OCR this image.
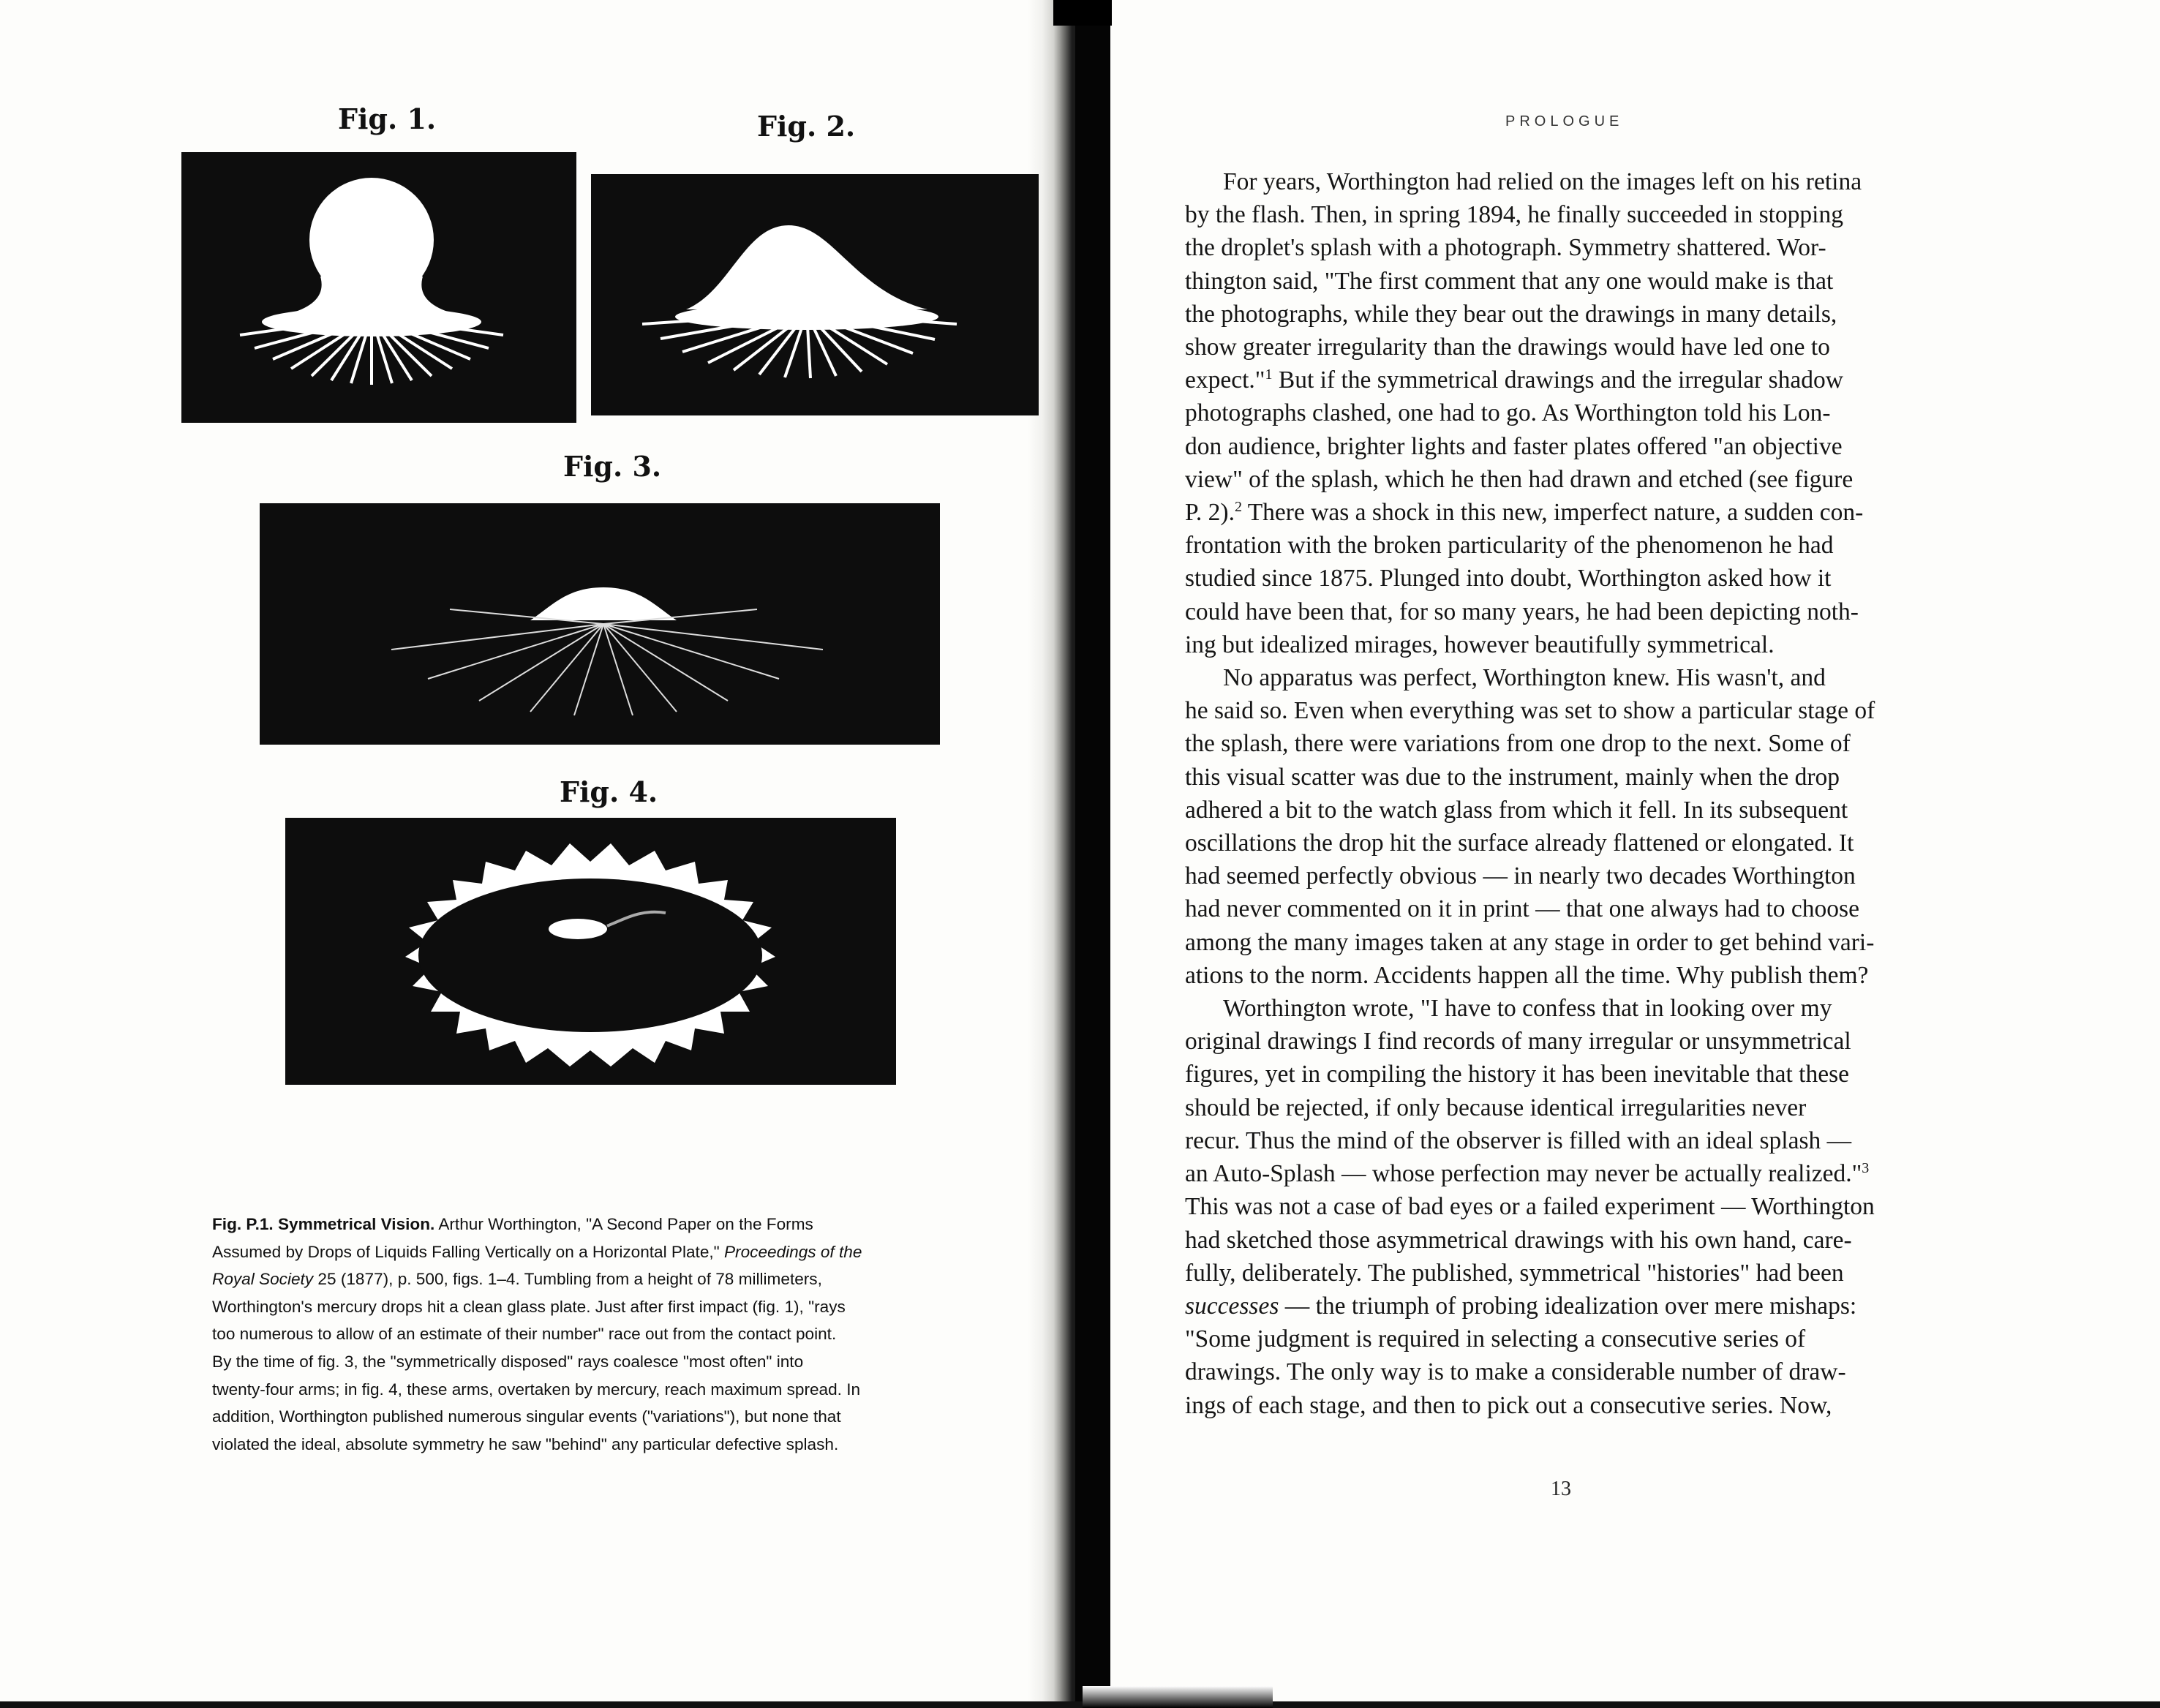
Fig. 1.	Fig. 2.
Fig. 3.
Fig. 4.
Fig. P.1. Symmetrical Vision. Arthur Worthington, "A Second Paper on the Forms
Assumed by Drops of Liquids Falling Vertically on a Horizontal Plate," Proceedings of the
Royal Society 25 (1877), p. 500, figs. 1–4. Tumbling from a height of 78 millimeters,
Worthington's mercury drops hit a clean glass plate. Just after first impact (fig. 1), "rays
too numerous to allow of an estimate of their number" race out from the contact point.
By the time of fig. 3, the "symmetrically disposed" rays coalesce "most often" into
twenty-four arms; in fig. 4, these arms, overtaken by mercury, reach maximum spread. In
addition, Worthington published numerous singular events ("variations"), but none that
violated the ideal, absolute symmetry he saw "behind" any particular defective splash.
PROLOGUE
For years, Worthington had relied on the images left on his retina
by the flash. Then, in spring 1894, he finally succeeded in stopping
the droplet's splash with a photograph. Symmetry shattered. Wor-
thington said, "The first comment that any one would make is that
the photographs, while they bear out the drawings in many details,
show greater irregularity than the drawings would have led one to
expect."$^1$ But if the symmetrical drawings and the irregular shadow
photographs clashed, one had to go. As Worthington told his Lon-
don audience, brighter lights and faster plates offered "an objective
view" of the splash, which he then had drawn and etched (see figure
P. 2).$^2$ There was a shock in this new, imperfect nature, a sudden con-
frontation with the broken particularity of the phenomenon he had
studied since 1875. Plunged into doubt, Worthington asked how it
could have been that, for so many years, he had been depicting noth-
ing but idealized mirages, however beautifully symmetrical.
No apparatus was perfect, Worthington knew. His wasn't, and
he said so. Even when everything was set to show a particular stage of
the splash, there were variations from one drop to the next. Some of
this visual scatter was due to the instrument, mainly when the drop
adhered a bit to the watch glass from which it fell. In its subsequent
oscillations the drop hit the surface already flattened or elongated. It
had seemed perfectly obvious — in nearly two decades Worthington
had never commented on it in print — that one always had to choose
among the many images taken at any stage in order to get behind vari-
ations to the norm. Accidents happen all the time. Why publish them?
Worthington wrote, "I have to confess that in looking over my
original drawings I find records of many irregular or unsymmetrical
figures, yet in compiling the history it has been inevitable that these
should be rejected, if only because identical irregularities never
recur. Thus the mind of the observer is filled with an ideal splash —
an Auto-Splash — whose perfection may never be actually realized."$^3$
This was not a case of bad eyes or a failed experiment — Worthington
had sketched those asymmetrical drawings with his own hand, care-
fully, deliberately. The published, symmetrical "histories" had been
successes — the triumph of probing idealization over mere mishaps:
"Some judgment is required in selecting a consecutive series of
drawings. The only way is to make a considerable number of draw-
ings of each stage, and then to pick out a consecutive series. Now,
13
